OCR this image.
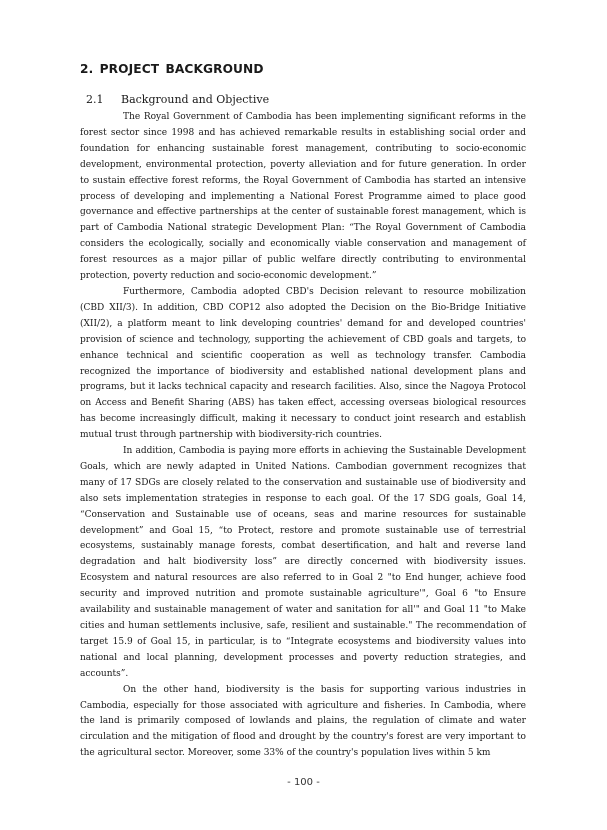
2. PROJECT BACKGROUND
2.1 Background and Objective

The Royal Government of Cambodia has been implementing significant reforms in the forest sector since 1998 and has achieved remarkable results in establishing social order and foundation for enhancing sustainable forest management, contributing to socio-economic development, environmental protection, poverty alleviation and for future generation. In order to sustain effective forest reforms, the Royal Government of Cambodia has started an intensive process of developing and implementing a National Forest Programme aimed to place good governance and effective partnerships at the center of sustainable forest management, which is part of Cambodia National strategic Development Plan: “The Royal Government of Cambodia considers the ecologically, socially and economically viable conservation and management of forest resources as a major pillar of public welfare directly contributing to environmental protection, poverty reduction and socio-economic development.”

Furthermore, Cambodia adopted CBD's Decision relevant to resource mobilization (CBD XII/3). In addition, CBD COP12 also adopted the Decision on the Bio-Bridge Initiative (XII/2), a platform meant to link developing countries' demand for and developed countries' provision of science and technology, supporting the achievement of CBD goals and targets, to enhance technical and scientific cooperation as well as technology transfer. Cambodia recognized the importance of biodiversity and established national development plans and programs, but it lacks technical capacity and research facilities. Also, since the Nagoya Protocol on Access and Benefit Sharing (ABS) has taken effect, accessing overseas biological resources has become increasingly difficult, making it necessary to conduct joint research and establish mutual trust through partnership with biodiversity-rich countries.

In addition, Cambodia is paying more efforts in achieving the Sustainable Development Goals, which are newly adapted in United Nations. Cambodian government recognizes that many of 17 SDGs are closely related to the conservation and sustainable use of biodiversity and also sets implementation strategies in response to each goal. Of the 17 SDG goals, Goal 14, “Conservation and Sustainable use of oceans, seas and marine resources for sustainable development” and Goal 15, “to Protect, restore and promote sustainable use of terrestrial ecosystems, sustainably manage forests, combat desertification, and halt and reverse land degradation and halt biodiversity loss” are directly concerned with biodiversity issues. Ecosystem and natural resources are also referred to in Goal 2 "to End hunger, achieve food security and improved nutrition and promote sustainable agriculture'", Goal 6 "to Ensure availability and sustainable management of water and sanitation for all'" and Goal 11 "to Make cities and human settlements inclusive, safe, resilient and sustainable." The recommendation of target 15.9 of Goal 15, in particular, is to “Integrate ecosystems and biodiversity values into national and local planning, development processes and poverty reduction strategies, and accounts”.

On the other hand, biodiversity is the basis for supporting various industries in Cambodia, especially for those associated with agriculture and fisheries. In Cambodia, where the land is primarily composed of lowlands and plains, the regulation of climate and water circulation and the mitigation of flood and drought by the country's forest are very important to the agricultural sector. Moreover, some 33% of the country's population lives within 5 km

- 100 -
